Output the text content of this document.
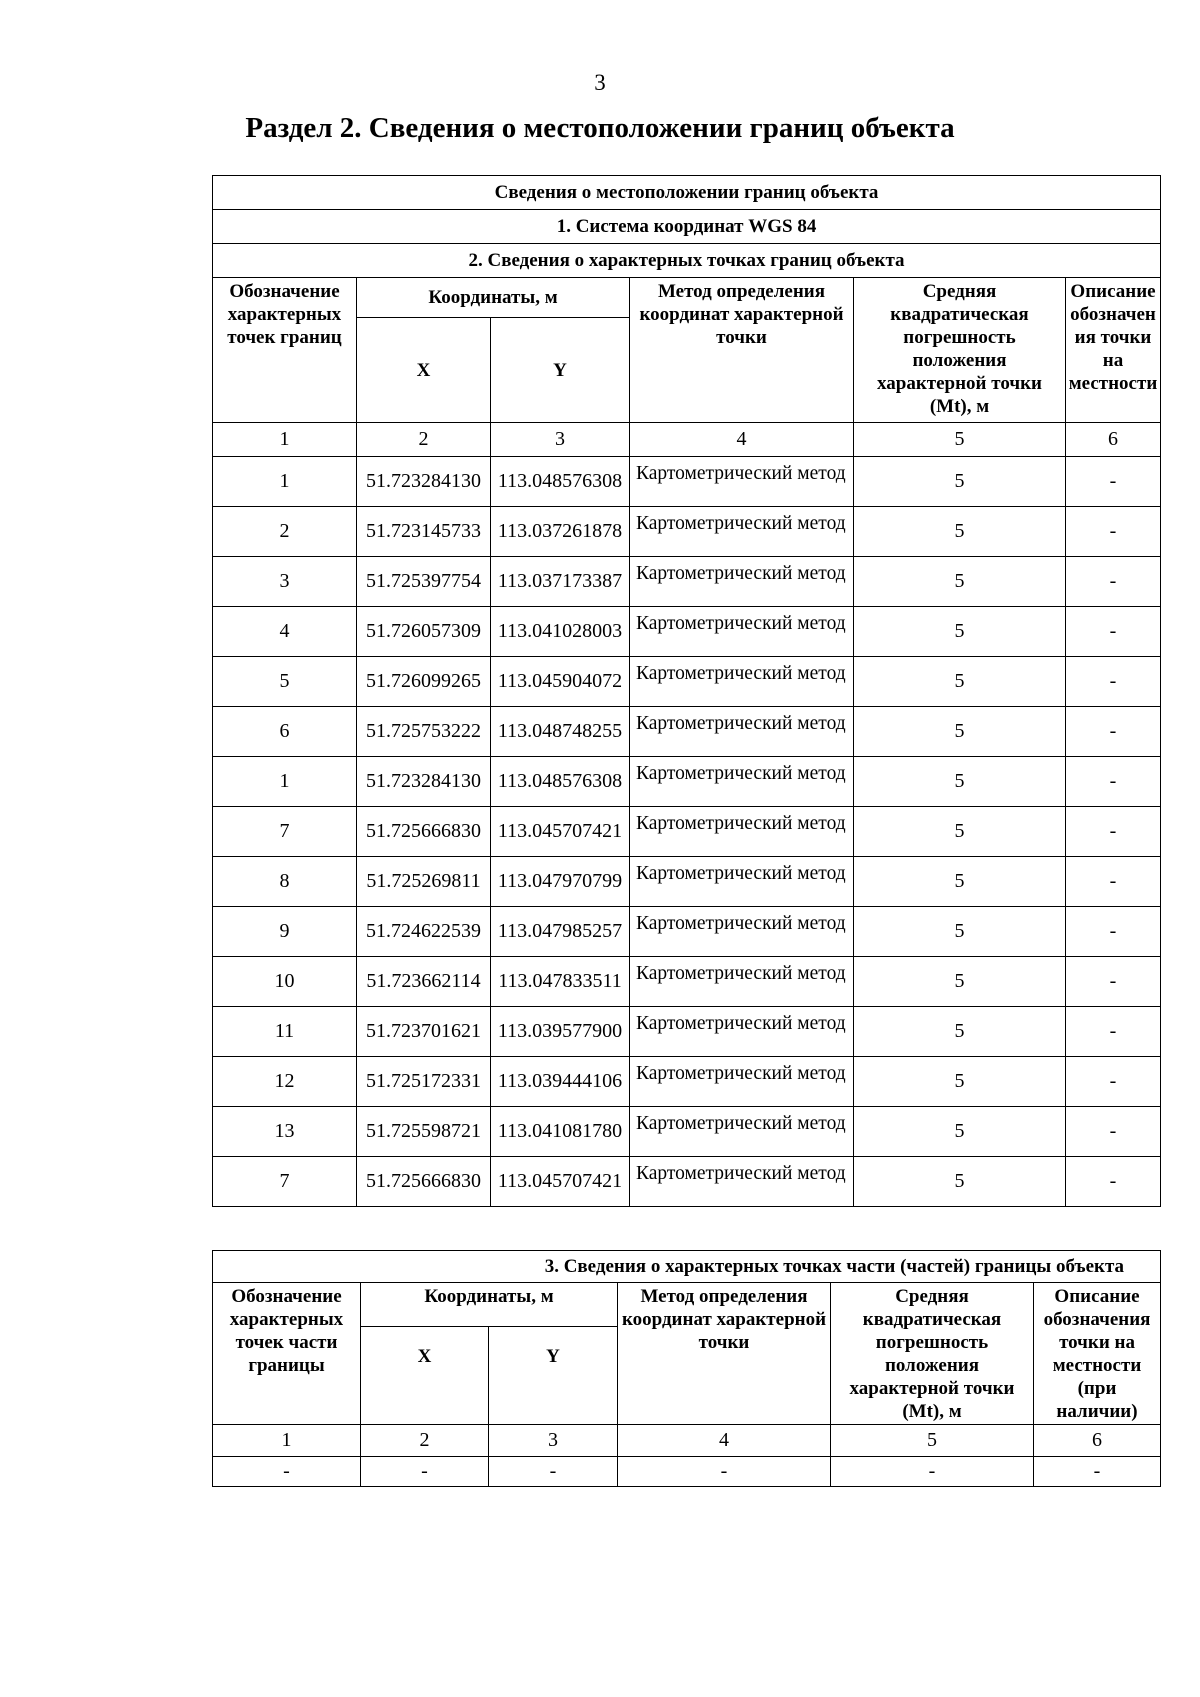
3
Раздел 2. Сведения о местоположении границ объекта
Сведения о местоположении границ объекта					
1. Система координат WGS 84					
2. Сведения о характерных точках границ объекта					
Обозначение характерных точек границ	Координаты, м		Метод определения координат характерной точки	Средняя квадратическая погрешность положения характерной точки (Mt), м	Описание обозначен ия точки на местности
	X	Y			
1	2	3	4	5	6
1	51.723284130	113.048576308	Картометрический метод	5	-
2	51.723145733	113.037261878	Картометрический метод	5	-
3	51.725397754	113.037173387	Картометрический метод	5	-
4	51.726057309	113.041028003	Картометрический метод	5	-
5	51.726099265	113.045904072	Картометрический метод	5	-
6	51.725753222	113.048748255	Картометрический метод	5	-
1	51.723284130	113.048576308	Картометрический метод	5	-
7	51.725666830	113.045707421	Картометрический метод	5	-
8	51.725269811	113.047970799	Картометрический метод	5	-
9	51.724622539	113.047985257	Картометрический метод	5	-
10	51.723662114	113.047833511	Картометрический метод	5	-
11	51.723701621	113.039577900	Картометрический метод	5	-
12	51.725172331	113.039444106	Картометрический метод	5	-
13	51.725598721	113.041081780	Картометрический метод	5	-
7	51.725666830	113.045707421	Картометрический метод	5	-
3. Сведения о характерных точках части (частей) границы объекта					
Обозначение характерных точек части границы	Координаты, м		Метод определения координат характерной точки	Средняя квадратическая погрешность положения характерной точки (Mt), м	Описание обозначения точки на местности (при наличии)
	X	Y			
1	2	3	4	5	6
-	-	-	-	-	-
